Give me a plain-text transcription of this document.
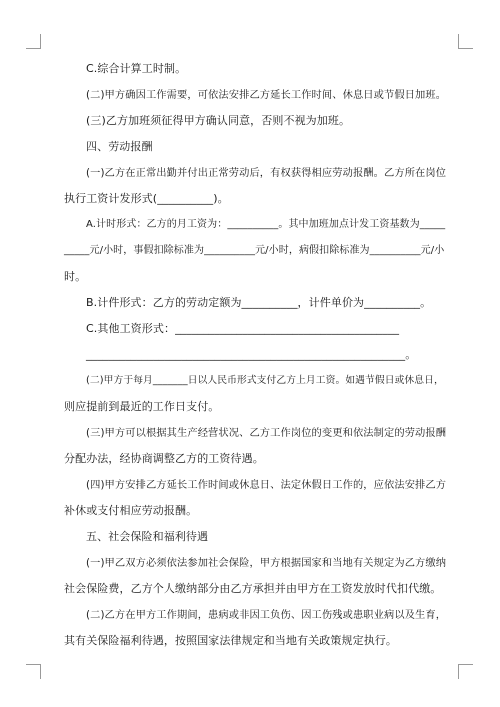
C.综合计算工时制。
(二)甲方确因工作需要，可依法安排乙方延长工作时间、休息日或节假日加班。
(三)乙方加班须征得甲方确认同意，否则不视为加班。
四、劳动报酬
(一)乙方在正常出勤并付出正常劳动后，有权获得相应劳动报酬。乙方所在岗位
执行工资计发形式(__________)。
A.计时形式：乙方的月工资为：__________。其中加班加点计发工资基数为_____
_____元/小时，事假扣除标准为__________元/小时，病假扣除标准为__________元/小
时。
B.计件形式：乙方的劳动定额为__________，计件单价为__________。
C.其他工资形式：________________________________________
_________________________________________________________。
(二)甲方于每月_______日以人民币形式支付乙方上月工资。如遇节假日或休息日，
则应提前到最近的工作日支付。
(三)甲方可以根据其生产经营状况、乙方工作岗位的变更和依法制定的劳动报酬
分配办法，经协商调整乙方的工资待遇。
(四)甲方安排乙方延长工作时间或休息日、法定休假日工作的，应依法安排乙方
补休或支付相应劳动报酬。
五、社会保险和福利待遇
(一)甲乙双方必须依法参加社会保险，甲方根据国家和当地有关规定为乙方缴纳
社会保险费，乙方个人缴纳部分由乙方承担并由甲方在工资发放时代扣代缴。
(二)乙方在甲方工作期间，患病或非因工负伤、因工伤残或患职业病以及生育，
其有关保险福利待遇，按照国家法律规定和当地有关政策规定执行。
